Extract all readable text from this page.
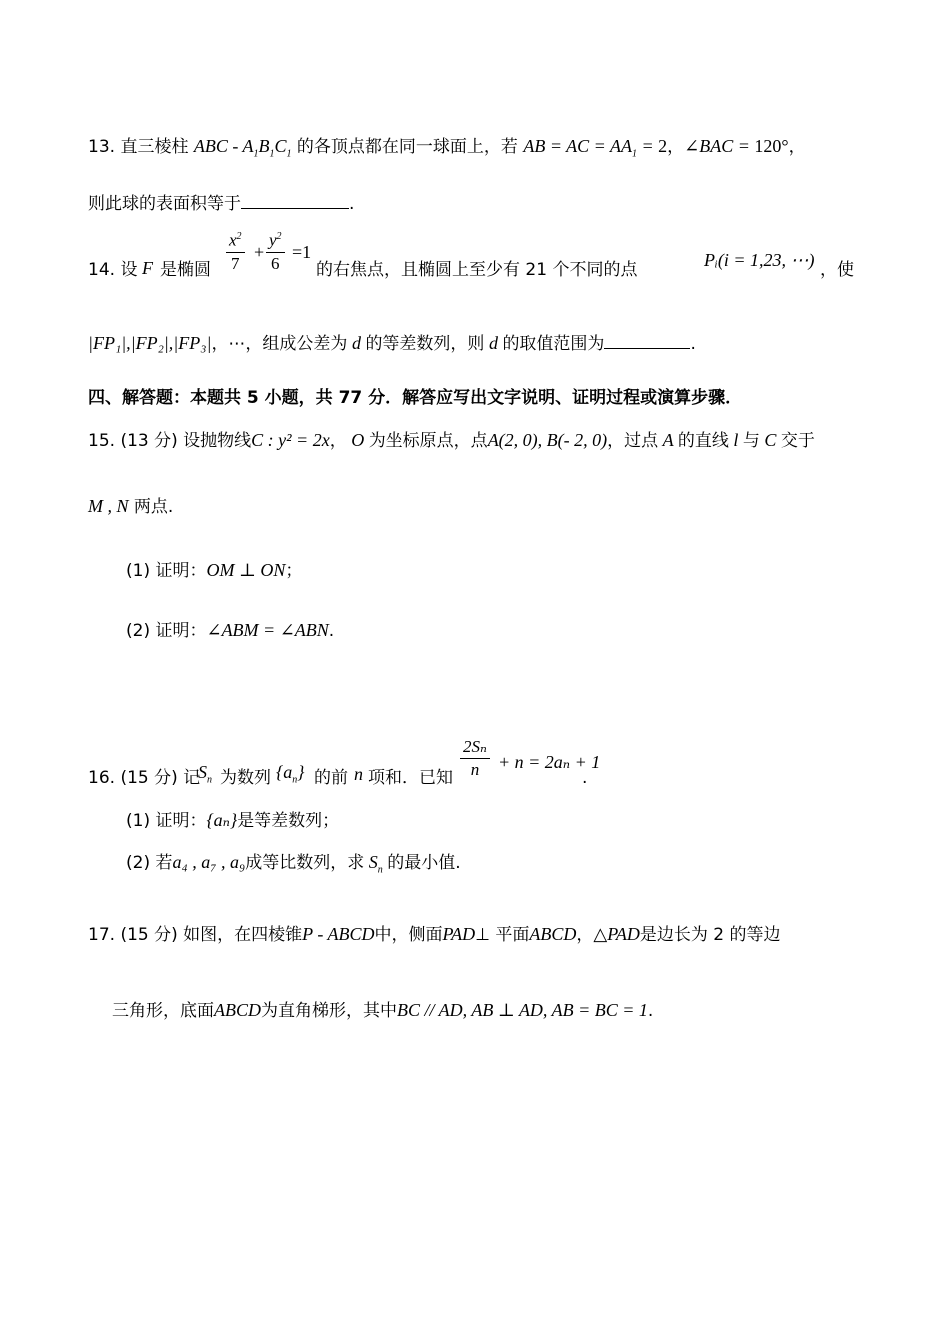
13. 直三棱柱 ABC - $A_1B_1C_1$ 的各顶点都在同一球面上，若 AB = AC = $AA_1 = 2$，∠BAC = 120°，
则此球的表面积等于	.
14. 设 F 是椭圆 $\frac{x^2}{7} + \frac{y^2}{6} =1$
的右焦点，且椭圆上至少有 21 个不同的点	Pᵢ(i = 1,23, ⋯) ，使
|FP₁|,|FP₂|,|FP₃|，⋯，组成公差为 d 的等差数列，则 d 的取值范围为	.
四、解答题：本题共 5 小题，共 77 分．解答应写出文字说明、证明过程或演算步骤．
15. (13 分) 设抛物线C : y² = 2x， O 为坐标原点，点A(2, 0), B(- 2, 0)，过点 A 的直线 l 与 C 交于
M , N 两点.
(1) 证明：OM ⊥ ON；
(2) 证明：∠ABM = ∠ABN.
16. (15 分) 记
$S_n$ 为数列 $\{a_n\}$ 的前 n 项和．已知 $\frac{\text{2Sₙ}}{n} + n = 2a_n + 1$
.
(1) 证明：{aₙ}是等差数列；
(2) 若a₄ , a₇ , a₉成等比数列，求 $S_n$ 的最小值.
17. (15 分) 如图，在四棱锥P - ABCD中，侧面PAD⊥ 平面ABCD，△PAD是边长为 2 的等边
三角形，底面ABCD为直角梯形，其中BC // AD, AB ⊥ AD, AB = BC = 1.
